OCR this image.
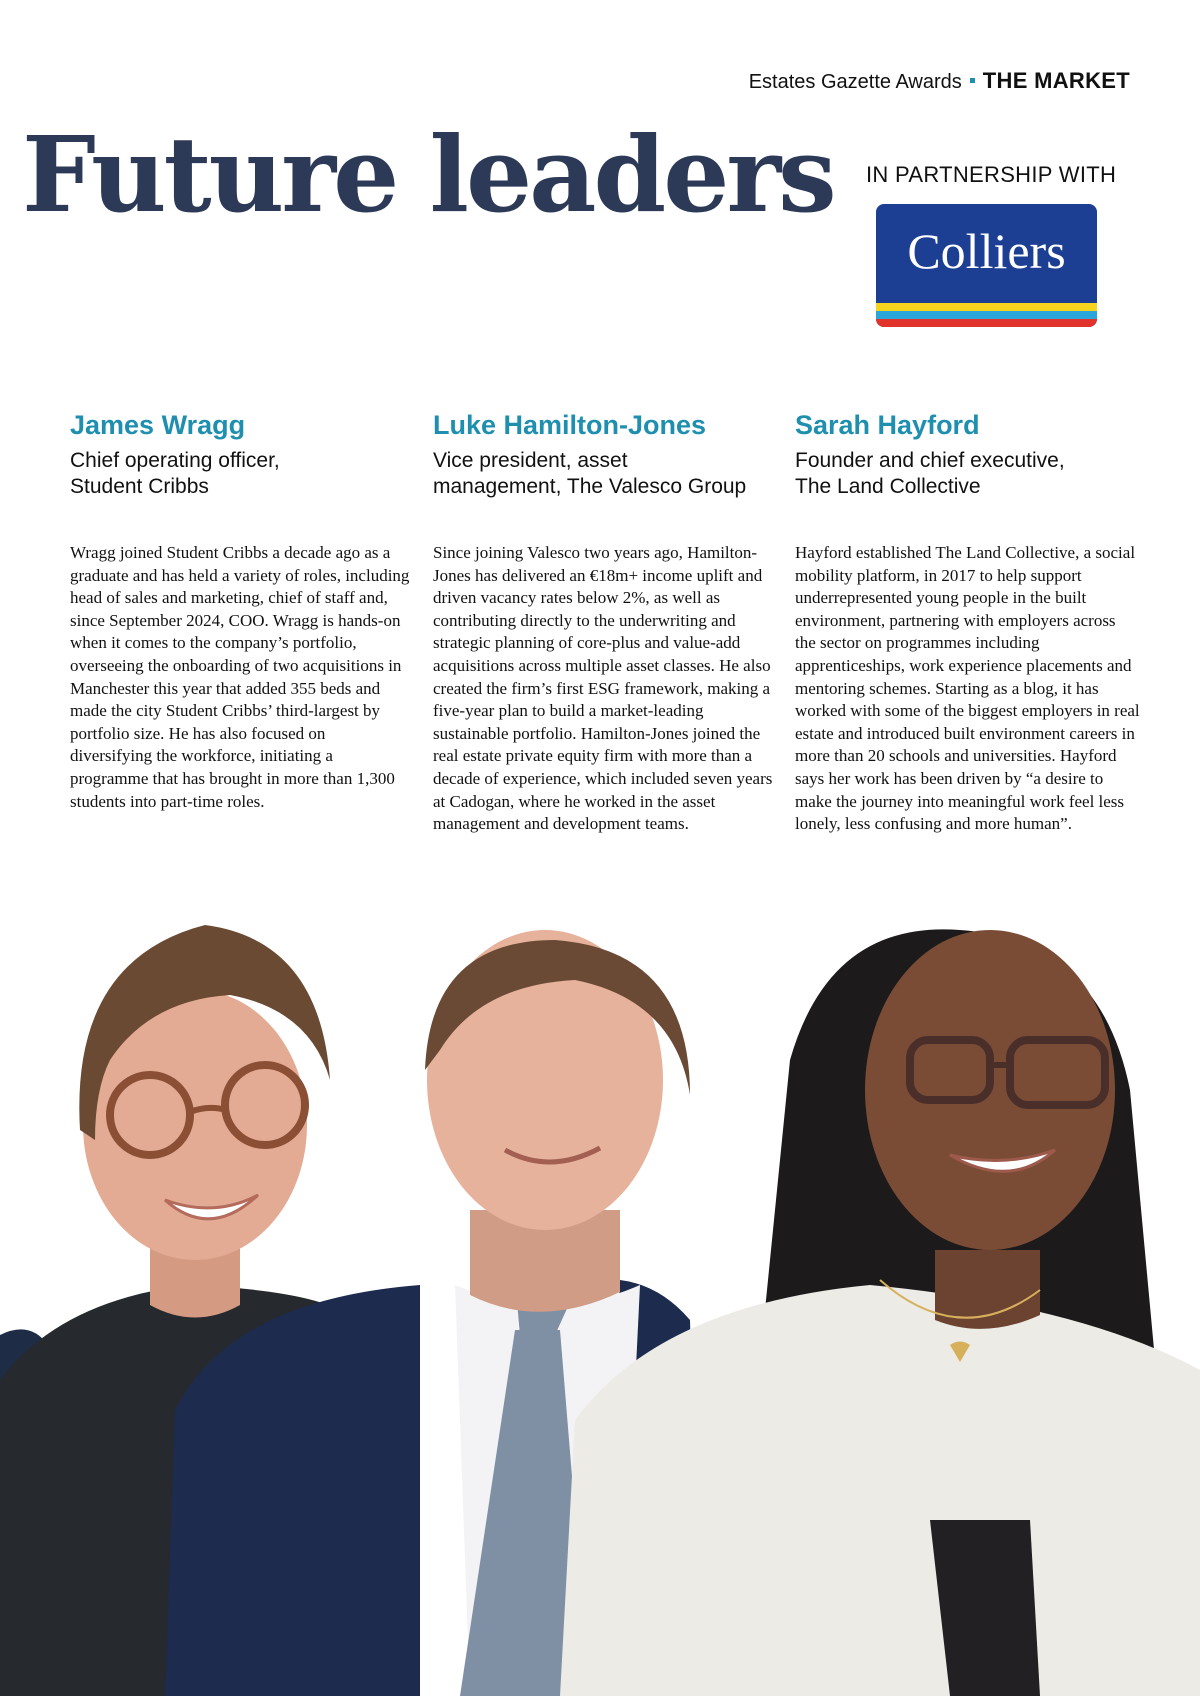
Estates Gazette Awards THE MARKET
Future leaders IN PARTNERSHIP WITH
Colliers
James Wragg

Chief operating officer,
Student Cribbs

Wragg joined Student Cribbs a decade ago as a graduate and has held a variety of roles, including head of sales and marketing, chief of staff and, since September 2024, COO. Wragg is hands-on when it comes to the company’s portfolio, overseeing the onboarding of two acquisitions in Manchester this year that added 355 beds and made the city Student Cribbs’ third-largest by portfolio size. He has also focused on diversifying the workforce, initiating a programme that has brought in more than 1,300 students into part-time roles.

Luke Hamilton-Jones

Vice president, asset
management, The Valesco Group

Since joining Valesco two years ago, Hamilton-Jones has delivered an €18m+ income uplift and driven vacancy rates below 2%, as well as contributing directly to the underwriting and strategic planning of core-plus and value-add acquisitions across multiple asset classes. He also created the firm’s first ESG framework, making a five-year plan to build a market-leading sustainable portfolio. Hamilton-Jones joined the real estate private equity firm with more than a decade of experience, which included seven years at Cadogan, where he worked in the asset management and development teams.

Sarah Hayford

Founder and chief executive,
The Land Collective

Hayford established The Land Collective, a social mobility platform, in 2017 to help support underrepresented young people in the built environment, partnering with employers across the sector on programmes including apprenticeships, work experience placements and mentoring schemes. Starting as a blog, it has worked with some of the biggest employers in real estate and introduced built environment careers in more than 20 schools and universities. Hayford says her work has been driven by “a desire to make the journey into meaningful work feel less lonely, less confusing and more human”.
